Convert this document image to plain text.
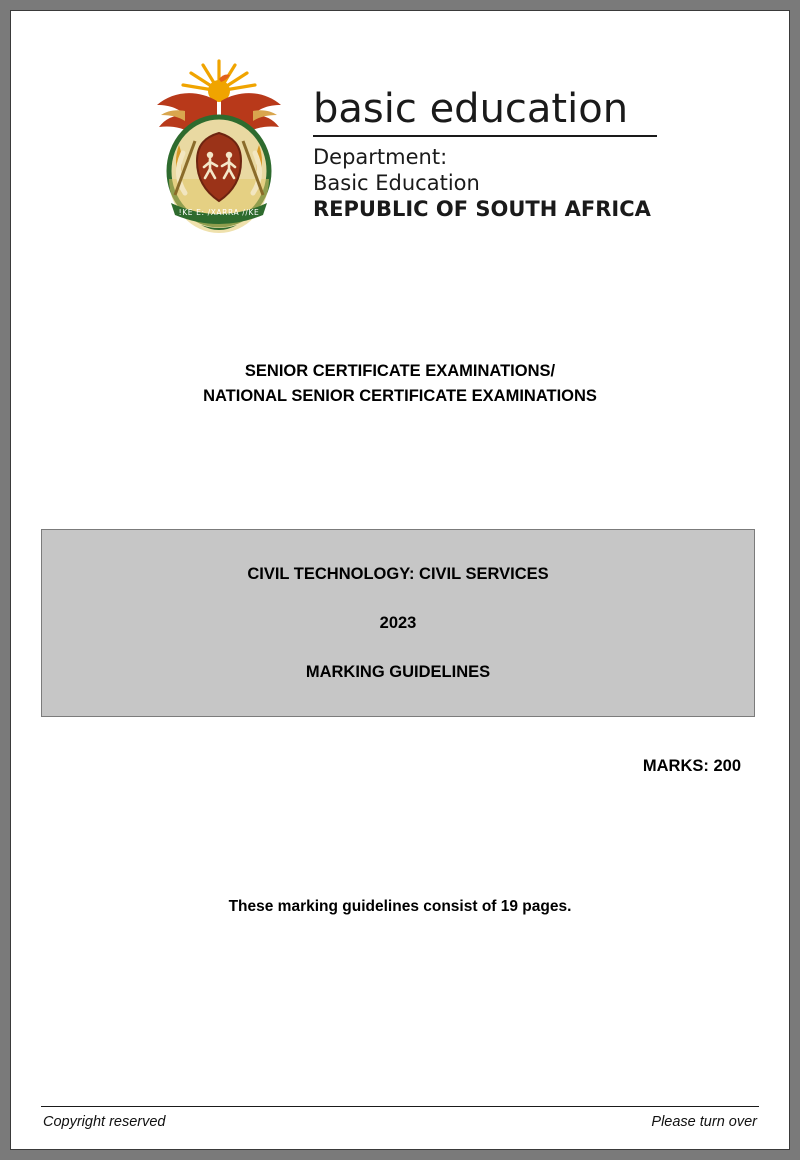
!KE E: /XARRA //KE
basic education
Department:
Basic Education
REPUBLIC OF SOUTH AFRICA
SENIOR CERTIFICATE EXAMINATIONS/
NATIONAL SENIOR CERTIFICATE EXAMINATIONS
CIVIL TECHNOLOGY: CIVIL SERVICES
2023
MARKING GUIDELINES
MARKS: 200
These marking guidelines consist of 19 pages.
Copyright reserved	Please turn over
